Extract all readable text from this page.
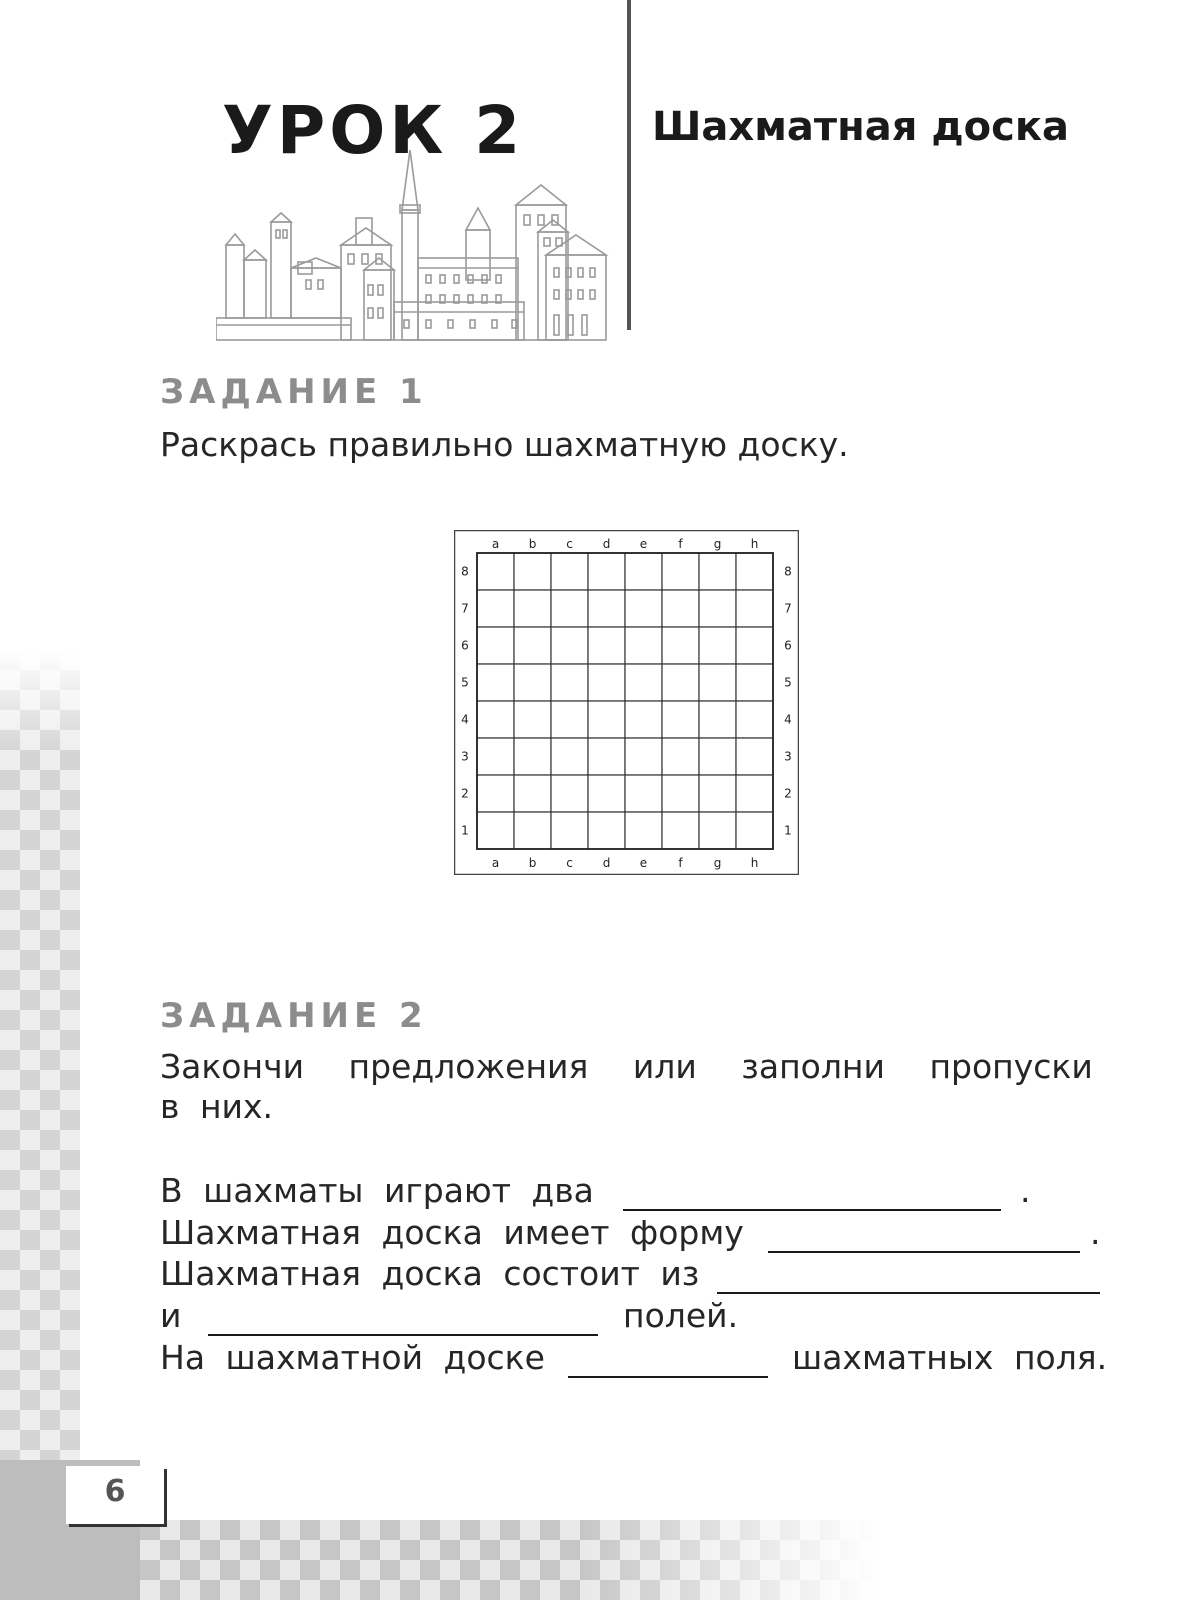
УРОК 2	Шахматная доска
ЗАДАНИЕ 1

Раскрась правильно шахматную доску.

a
a
b
b
c
c
d
d
e
e
f
f
g
g
h
h
8	8
7	7
6	6
5	5
4	4
3	3
2	2
1	1
ЗАДАНИЕ 2

Закончи предложения или заполни пропуски

в них.

В шахматы играют два	.
Шахматная доска имеет форму	.
Шахматная доска состоит из
и	полей.
На шахматной доске	шахматных поля.
6
